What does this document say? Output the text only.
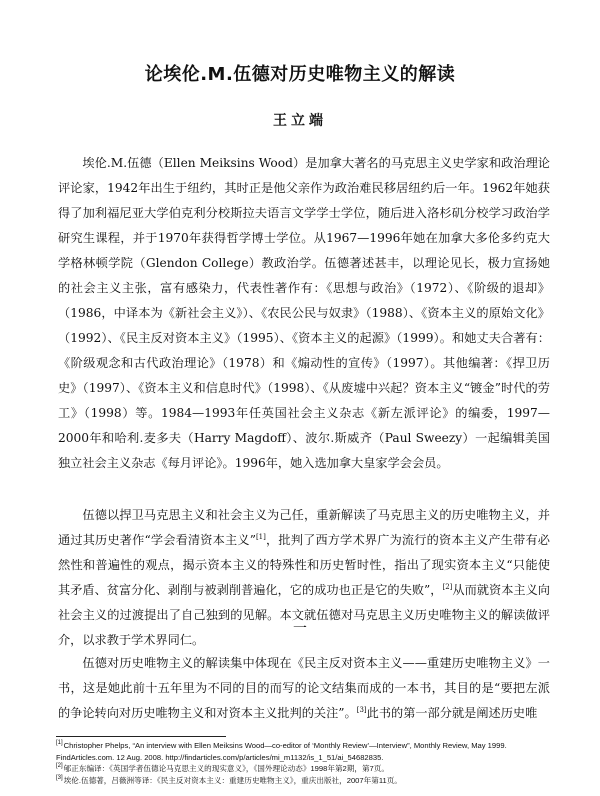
论埃伦.M.伍德对历史唯物主义的解读
王立端

埃伦.M.伍德（Ellen Meiksins Wood）是加拿大著名的马克思主义史学家和政治理论评论家，1942年出生于纽约，其时正是他父亲作为政治难民移居纽约后一年。1962年她获得了加利福尼亚大学伯克利分校斯拉夫语言文学学士学位，随后进入洛杉矶分校学习政治学研究生课程，并于1970年获得哲学博士学位。从1967—1996年她在加拿大多伦多约克大学格林顿学院（Glendon College）教政治学。伍德著述甚丰，以理论见长，极力宣扬她的社会主义主张，富有感染力，代表性著作有：《思想与政治》（1972）、《阶级的退却》（1986，中译本为《新社会主义》）、《农民公民与奴隶》（1988）、《资本主义的原始文化》（1992）、《民主反对资本主义》（1995）、《资本主义的起源》（1999）。和她丈夫合著有：《阶级观念和古代政治理论》（1978）和《煽动性的宣传》（1997）。其他编著：《捍卫历史》（1997）、《资本主义和信息时代》（1998）、《从废墟中兴起？资本主义“镀金”时代的劳工》（1998）等。1984—1993年任英国社会主义杂志《新左派评论》的编委，1997—2000年和哈利.麦多夫（Harry Magdoff）、波尔.斯威齐（Paul Sweezy）一起编辑美国独立社会主义杂志《每月评论》。1996年，她入选加拿大皇家学会会员。

伍德以捍卫马克思主义和社会主义为己任，重新解读了马克思主义的历史唯物主义，并通过其历史著作“学会看清资本主义”[1]，批判了西方学术界广为流行的资本主义产生带有必然性和普遍性的观点，揭示资本主义的特殊性和历史暂时性，指出了现实资本主义“只能使其矛盾、贫富分化、剥削与被剥削普遍化，它的成功也正是它的失败”，[2]从而就资本主义向社会主义的过渡提出了自己独到的见解。本文就伍德对马克思主义历史唯物主义的解读做评介，以求教于学术界同仁。

一

伍德对历史唯物主义的解读集中体现在《民主反对资本主义——重建历史唯物主义》一书，这是她此前十五年里为不同的目的而写的论文结集而成的一本书，其目的是“要把左派的争论转向对历史唯物主义和对资本主义批判的关注”。[3]此书的第一部分就是阐述历史唯

[1]Christopher Phelps, “An interview with Ellen Meiksins Wood—co-editor of ‘Monthly Review’—Interview”, Monthly Review, May 1999. FindArticles.com. 12 Aug. 2008. http://findarticles.com/p/articles/mi_m1132/is_1_51/ai_54682835.

[2]郇正东编译：《英国学者伍德论马克思主义的现实意义》，《国外理论动态》1998年第2期，第7页。

[3]埃伦.伍德著，吕薇洲等译：《民主反对资本主义：重建历史唯物主义》，重庆出版社，2007年第11页。
